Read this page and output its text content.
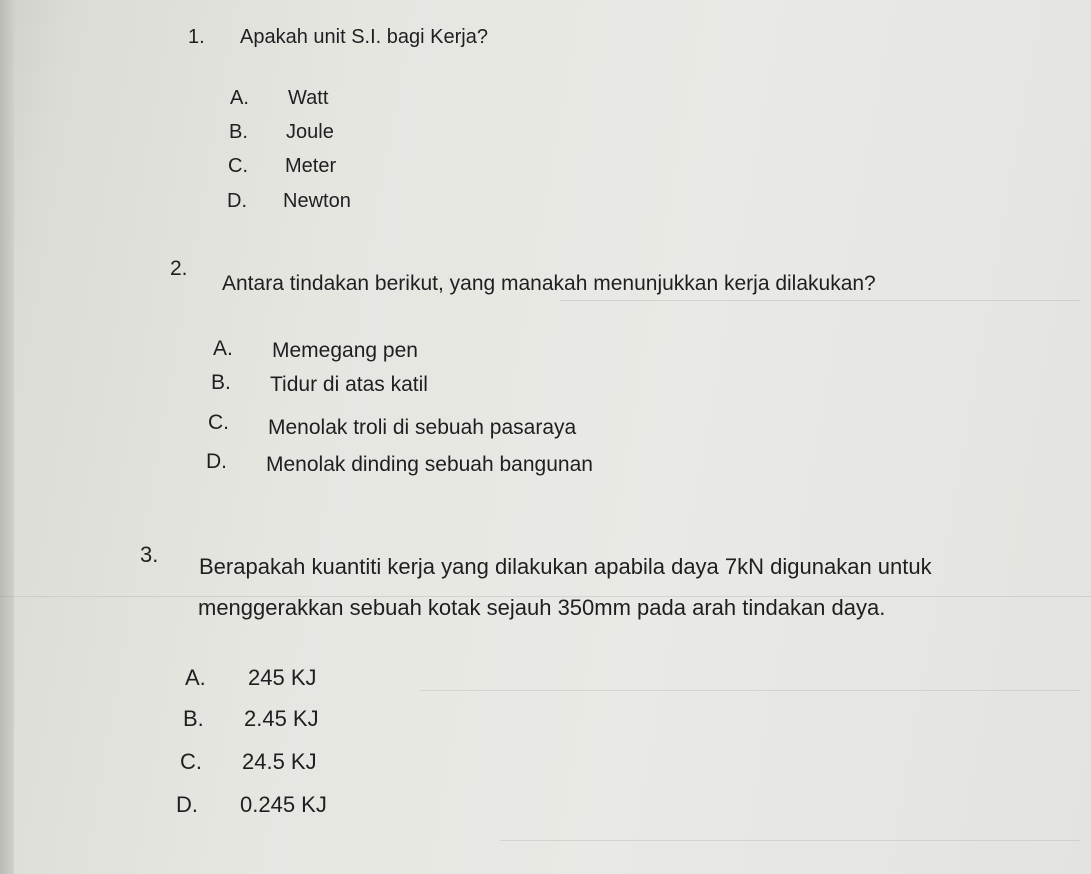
1. Apakah unit S.I. bagi Kerja?
A. Watt
B. Joule
C. Meter
D. Newton
2.
Antara tindakan berikut, yang manakah menunjukkan kerja dilakukan?
A. Memegang pen
B. Tidur di atas katil
C. Menolak troli di sebuah pasaraya
D. Menolak dinding sebuah bangunan
3. Berapakah kuantiti kerja yang dilakukan apabila daya 7kN digunakan untuk
menggerakkan sebuah kotak sejauh 350mm pada arah tindakan daya.
A. 245 KJ
B. 2.45 KJ
C. 24.5 KJ
D. 0.245 KJ
